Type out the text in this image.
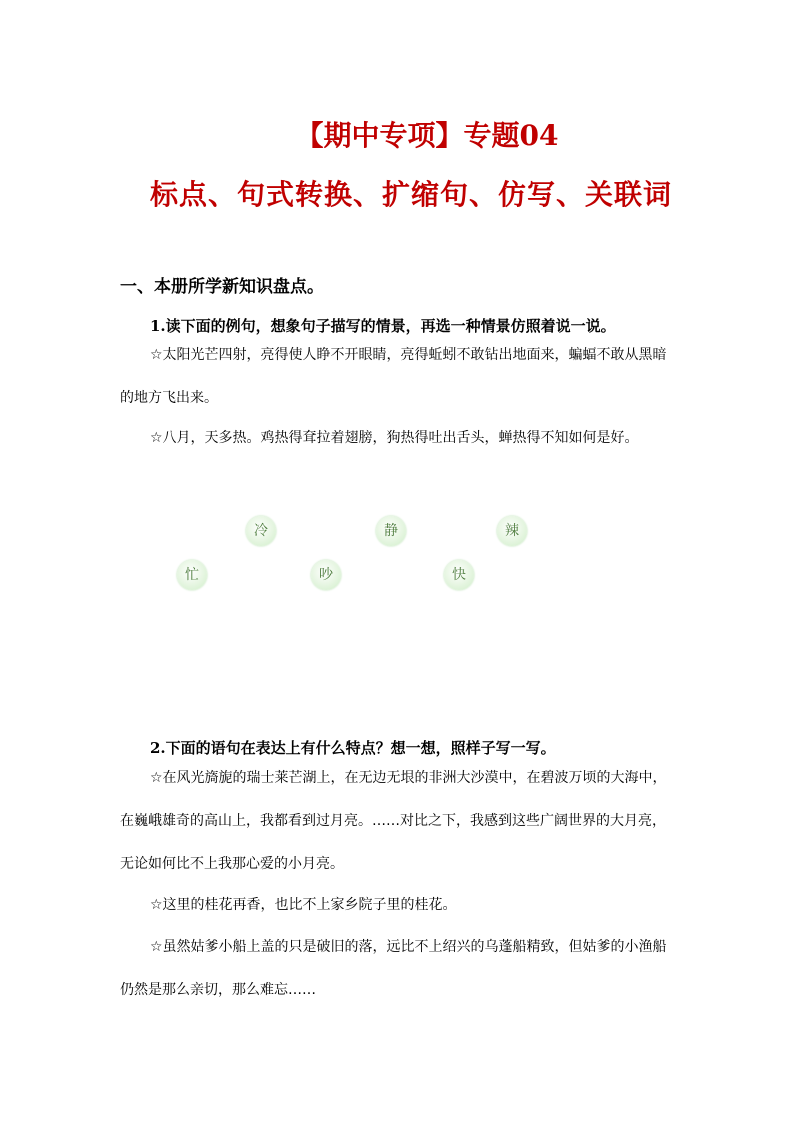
【期中专项】专题04
标点、句式转换、扩缩句、仿写、关联词
一、本册所学新知识盘点。
1.读下面的例句，想象句子描写的情景，再选一种情景仿照着说一说。
☆太阳光芒四射，亮得使人睁不开眼睛，亮得蚯蚓不敢钻出地面来，蝙蝠不敢从黑暗的地方飞出来。
☆八月，天多热。鸡热得耷拉着翅膀，狗热得吐出舌头，蝉热得不知如何是好。
冷	静	辣
忙	吵	快
2.下面的语句在表达上有什么特点？想一想，照样子写一写。
☆在风光旖旎的瑞士莱芒湖上，在无边无垠的非洲大沙漠中，在碧波万顷的大海中，在巍峨雄奇的高山上，我都看到过月亮。……对比之下，我感到这些广阔世界的大月亮，无论如何比不上我那心爱的小月亮。
☆这里的桂花再香，也比不上家乡院子里的桂花。
☆虽然姑爹小船上盖的只是破旧的落，远比不上绍兴的乌蓬船精致，但姑爹的小渔船仍然是那么亲切，那么难忘……
